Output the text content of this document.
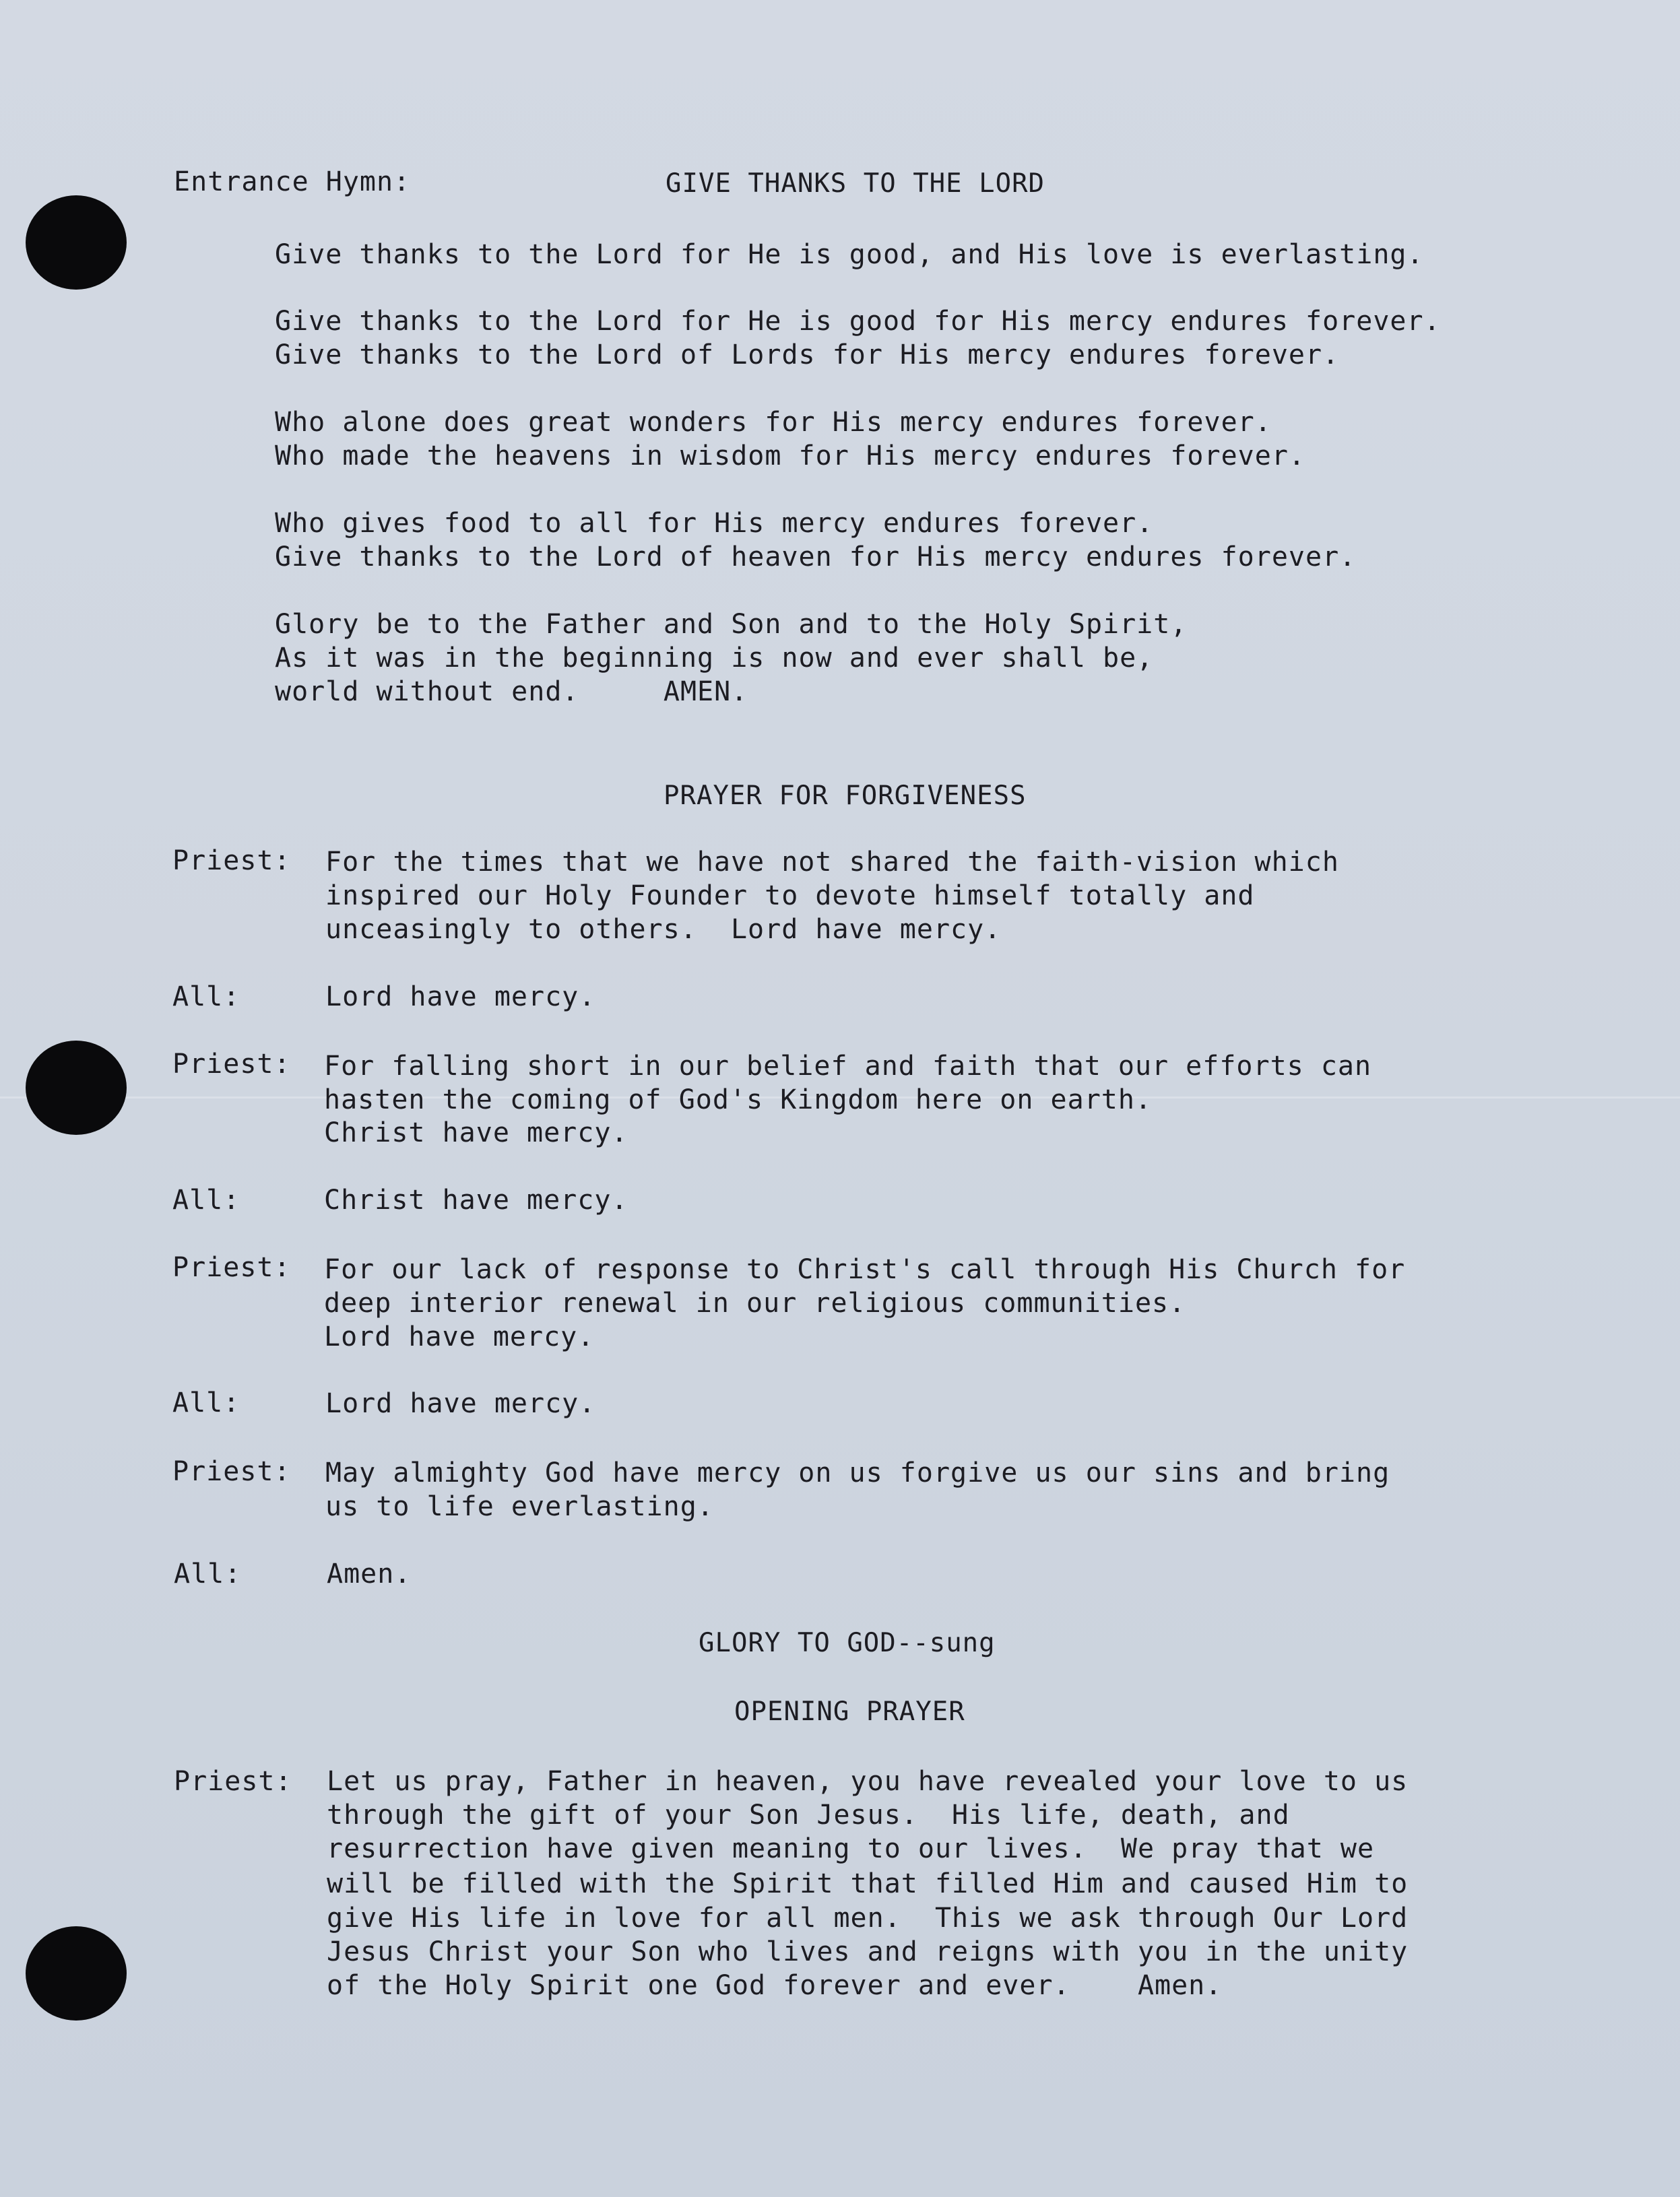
Entrance Hymn:	GIVE THANKS TO THE LORD
Give thanks to the Lord for He is good, and His love is everlasting.
Give thanks to the Lord for He is good for His mercy endures forever.
Give thanks to the Lord of Lords for His mercy endures forever.
Who alone does great wonders for His mercy endures forever.
Who made the heavens in wisdom for His mercy endures forever.
Who gives food to all for His mercy endures forever.
Give thanks to the Lord of heaven for His mercy endures forever.
Glory be to the Father and Son and to the Holy Spirit,
As it was in the beginning is now and ever shall be,
world without end.     AMEN.
PRAYER FOR FORGIVENESS
Priest: For the times that we have not shared the faith-vision which
inspired our Holy Founder to devote himself totally and
unceasingly to others.  Lord have mercy.
All:	Lord have mercy.
Priest: For falling short in our belief and faith that our efforts can
hasten the coming of God's Kingdom here on earth.
Christ have mercy.
All:	Christ have mercy.
Priest: For our lack of response to Christ's call through His Church for
deep interior renewal in our religious communities.
Lord have mercy.
All:	Lord have mercy.
Priest: May almighty God have mercy on us forgive us our sins and bring
us to life everlasting.
All:	Amen.
GLORY TO GOD--sung
OPENING PRAYER
Priest: Let us pray, Father in heaven, you have revealed your love to us
through the gift of your Son Jesus.  His life, death, and
resurrection have given meaning to our lives.  We pray that we
will be filled with the Spirit that filled Him and caused Him to
give His life in love for all men.  This we ask through Our Lord
Jesus Christ your Son who lives and reigns with you in the unity
of the Holy Spirit one God forever and ever.    Amen.
